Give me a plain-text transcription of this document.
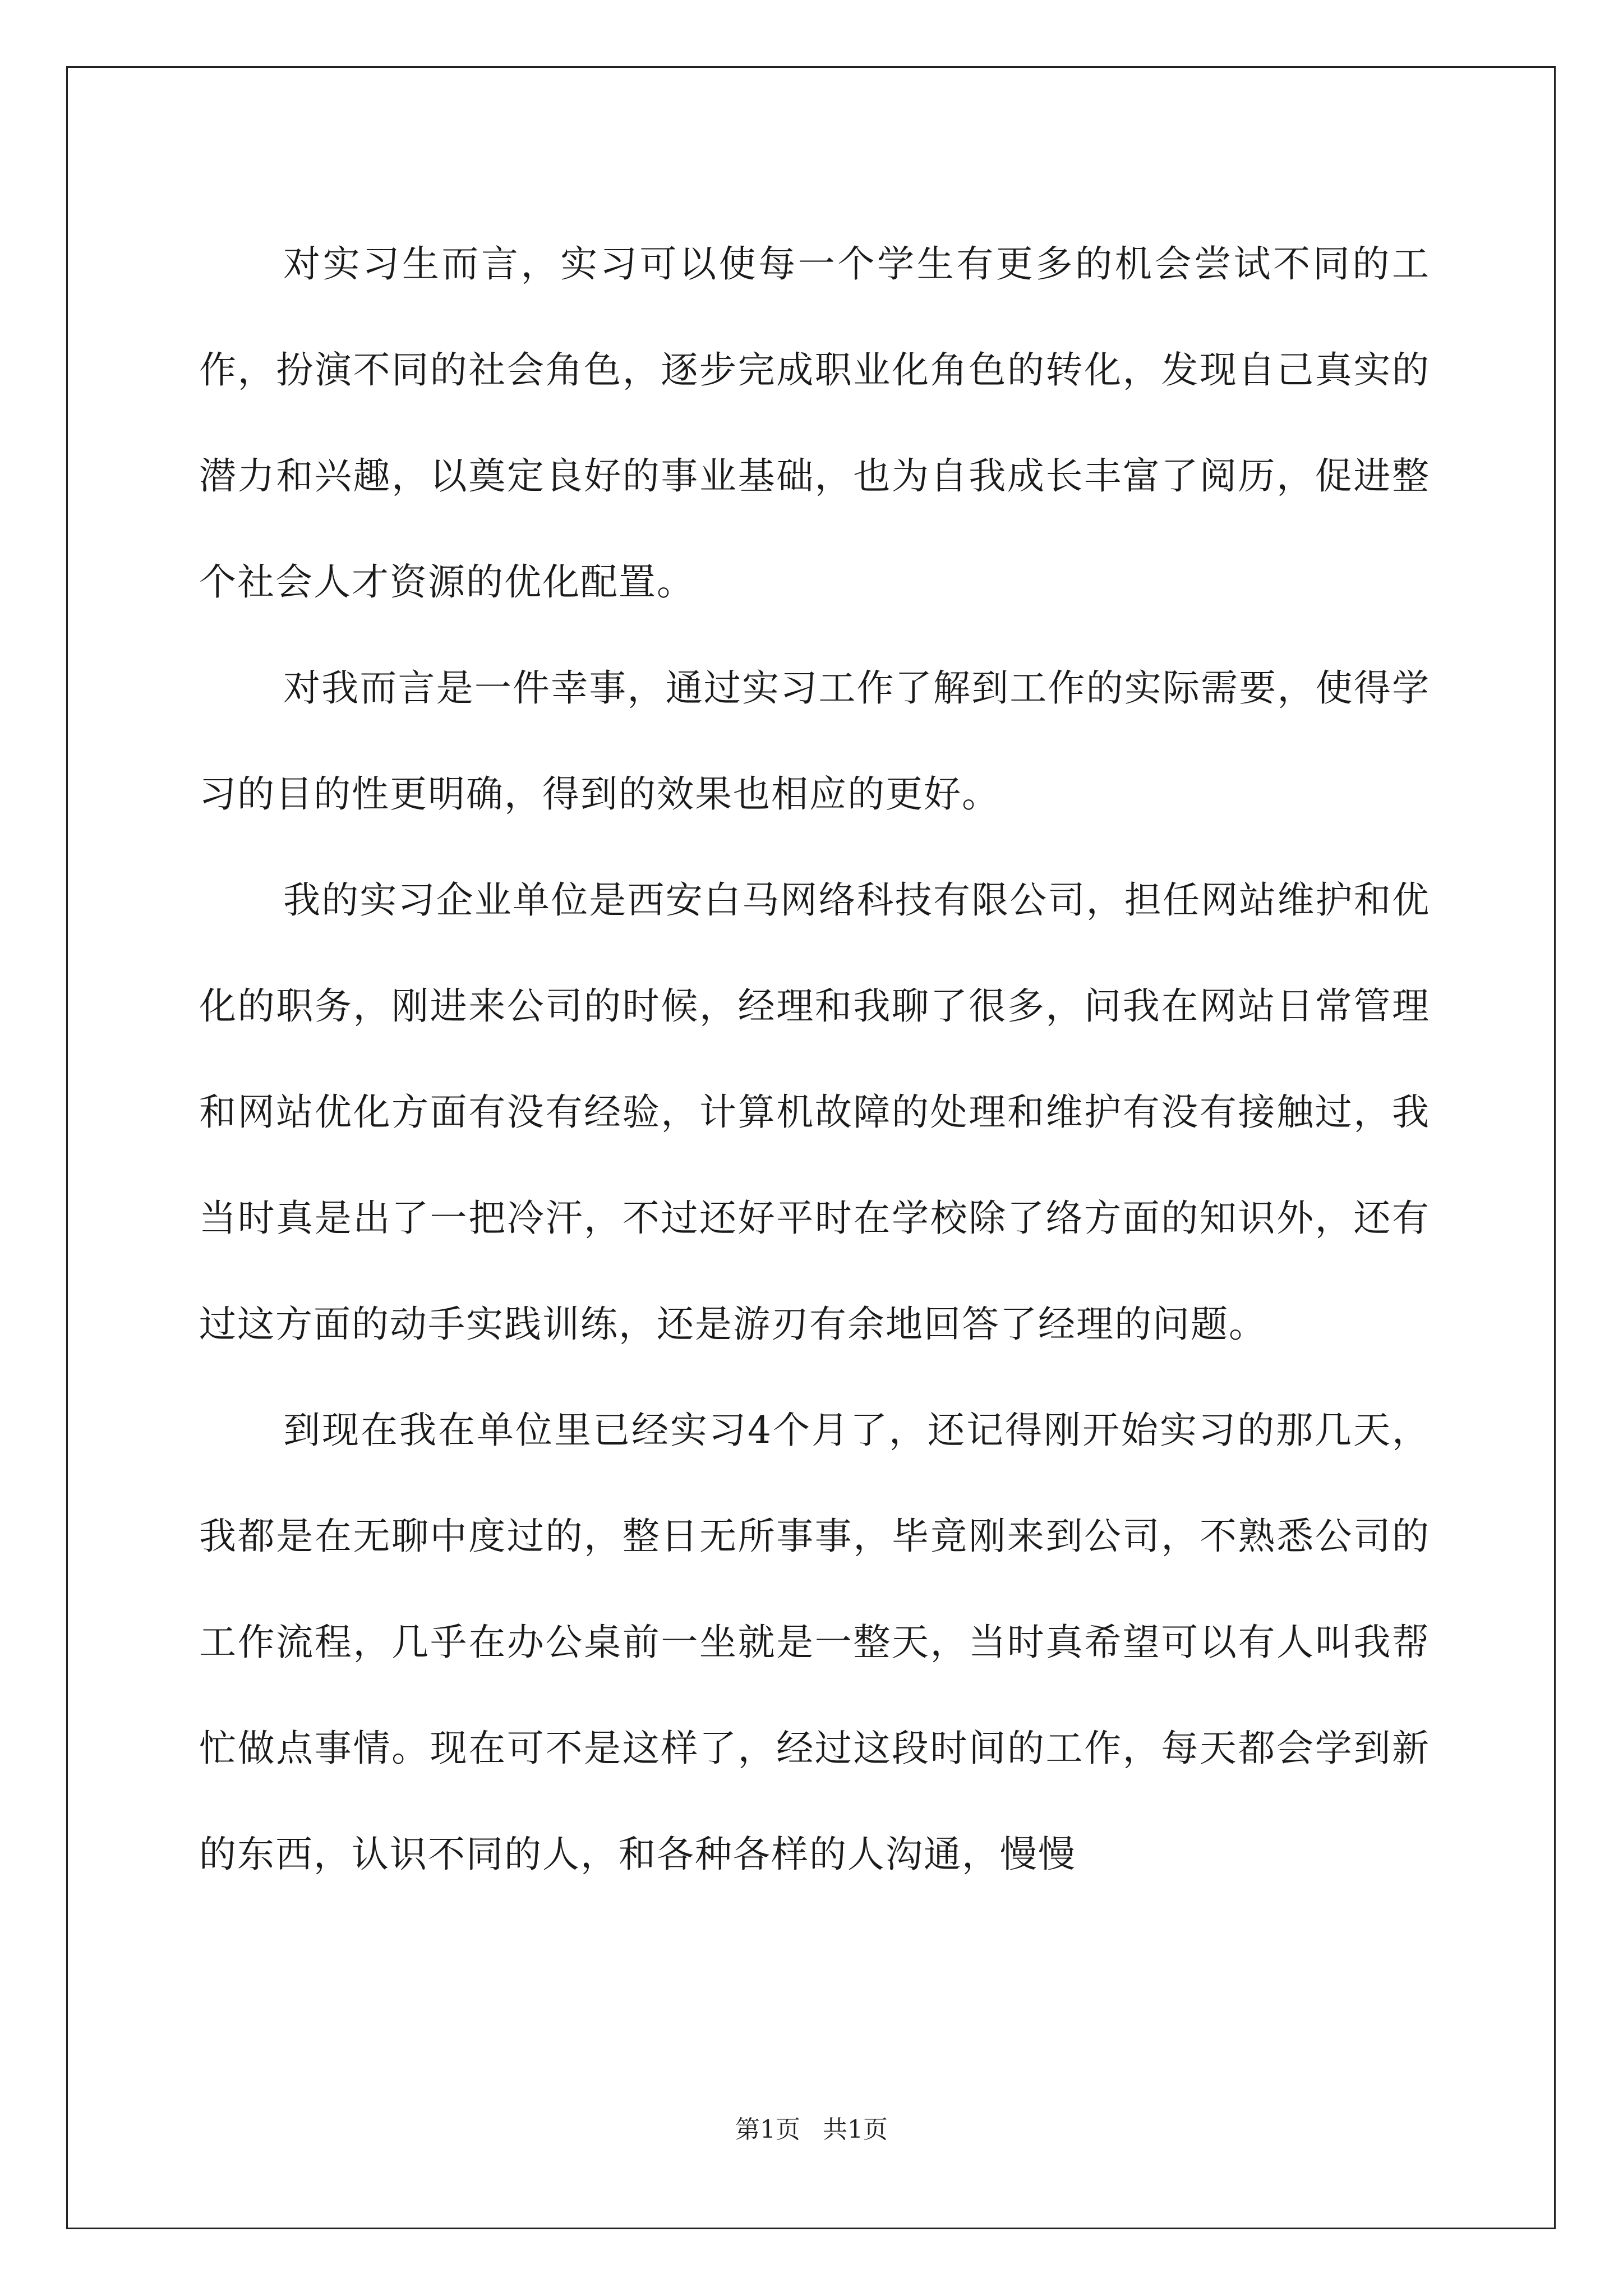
对实习生而言，实习可以使每一个学生有更多的机会尝试不同的工作，扮演不同的社会角色，逐步完成职业化角色的转化，发现自己真实的潜力和兴趣，以奠定良好的事业基础，也为自我成长丰富了阅历，促进整个社会人才资源的优化配置。

对我而言是一件幸事，通过实习工作了解到工作的实际需要，使得学习的目的性更明确，得到的效果也相应的更好。

我的实习企业单位是西安白马网络科技有限公司，担任网站维护和优化的职务，刚进来公司的时候，经理和我聊了很多，问我在网站日常管理和网站优化方面有没有经验，计算机故障的处理和维护有没有接触过，我当时真是出了一把冷汗，不过还好平时在学校除了络方面的知识外，还有过这方面的动手实践训练，还是游刃有余地回答了经理的问题。

到现在我在单位里已经实习4个月了，还记得刚开始实习的那几天，我都是在无聊中度过的，整日无所事事，毕竟刚来到公司，不熟悉公司的工作流程，几乎在办公桌前一坐就是一整天，当时真希望可以有人叫我帮忙做点事情。现在可不是这样了，经过这段时间的工作，每天都会学到新的东西，认识不同的人，和各种各样的人沟通，慢慢

第1页 共1页
